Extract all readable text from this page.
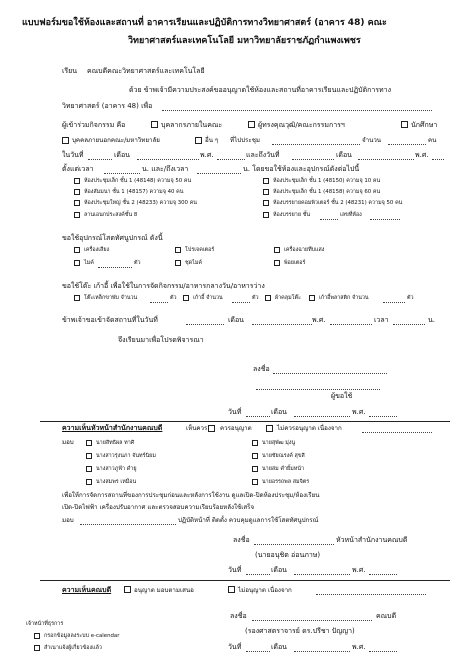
แบบฟอร์มขอใช้ห้องและสถานที่ อาคารเรียนและปฏิบัติการทางวิทยาศาสตร์ (อาคาร 48) คณะ
วิทยาศาสตร์และเทคโนโลยี มหาวิทยาลัยราชภัฏกำแพงเพชร
เรียน คณบดีคณะวิทยาศาสตร์และเทคโนโลยี
ด้วย ข้าพเจ้ามีความประสงค์ขออนุญาตใช้ห้องและสถานที่อาคารเรียนและปฏิบัติการทาง
วิทยาศาสตร์ (อาคาร 48) เพื่อ
ผู้เข้าร่วมกิจกรรม คือ	บุคลากรภายในคณะ	ผู้ทรงคุณวุฒิ/คณะกรรมการฯ	นักศึกษา
บุคคลภายนอกคณะ/มหาวิทยาลัย	อื่น ๆ ที่ไปประชุม	จำนวน	คน
ในวันที่	เดือน	พ.ศ.	และถึงวันที่	เดือน	พ.ศ.
ตั้งแต่เวลา	น. และ/ถึงเวลา	น. โดยขอใช้ห้องและอุปกรณ์ดังต่อไปนี้
ห้องประชุมเล็ก ชั้น 1 (48148) ความจุ 50 คน
ห้องสัมมนา ชั้น 1 (48157) ความจุ 40 คน
ห้องประชุมใหญ่ ชั้น 2 (48233) ความจุ 300 คน
ลานเอนกประสงค์ชั้น 8
ห้องประชุมเล็ก ชั้น 1 (48150) ความจุ 10 คน
ห้องประชุมเล็ก ชั้น 1 (48158) ความจุ 60 คน
ห้องบรรยายคอมพิวเตอร์ ชั้น 2 (48231) ความจุ 50 คน
ห้องบรรยาย ชั้น	เลขที่ห้อง
ขอใช้อุปกรณ์โสตทัศนูปกรณ์ ดังนี้
เครื่องเสียง	โปรเจคเตอร์	เครื่องฉายทึบแสง
ไมค์	ตัว	ชุดไมค์	พ้อยเตอร์
ขอใช้โต๊ะ เก้าอี้ เพื่อใช้ในการจัดกิจกรรม/อาหารกลางวัน/อาหารว่าง
โต๊ะเหล็กขาพับ จำนวน	ตัว	เก้าอี้ จำนวน	ตัว	ผ้าคลุมโต๊ะ	เก้าอี้พลาสติก จำนวน	ตัว
ข้าพเจ้าขอเข้าจัดสถานที่ในวันที่	เดือน	พ.ศ.	เวลา	น.
จึงเรียนมาเพื่อโปรดพิจารณา
ลงชื่อ
ผู้ขอใช้
วันที่	เดือน	พ.ศ.
ความเห็นหัวหน้าสำนักงานคณบดี	เห็นควร ควรอนุญาต	ไม่ควรอนุญาต เนื่องจาก
มอบ	นายสิทธิผล ทาศิ	นายสุพัฒ มุ่งนู
นางสาวรุ่งนภา จันทร์นิยม	นายชัยณรงค์ สุขสิ
นางสาวภูฟ้า ดำยู	นายสม คำยิ้มหน้า
นางสมพร เหมือน	นายอรรถพล สมจิตร
เพื่อให้การจัดการสถานที่ของการประชุมก่อนและหลังการใช้งาน ดูแลเปิด-ปิดห้องประชุม/ห้องเรียน
เปิด-ปิดไฟฟ้า เครื่องปรับอากาศ และตรวจสอบความเรียบร้อยหลังใช้เสร็จ
มอบ	ปฏิบัติหน้าที่ ติดตั้ง ควบคุมดูแลการใช้โสตทัศนูปกรณ์
ลงชื่อ	หัวหน้าสำนักงานคณบดี
(นายอนุชิต อ่อนภาษ)
วันที่	เดือน	พ.ศ.
ความเห็นคณบดี	อนุญาต มอบตามเสนอ	ไม่อนุญาต เนื่องจาก
ลงชื่อ	คณบดี
(รองศาสตราจารย์ ดร.ปรีชา ปัญญา)
วันที่	เดือน	พ.ศ.
เจ้าหน้าที่ธุรการ
กรอกข้อมูลลงระบบ e-calendar
สำเนาแจ้งผู้เกี่ยวข้องแล้ว
